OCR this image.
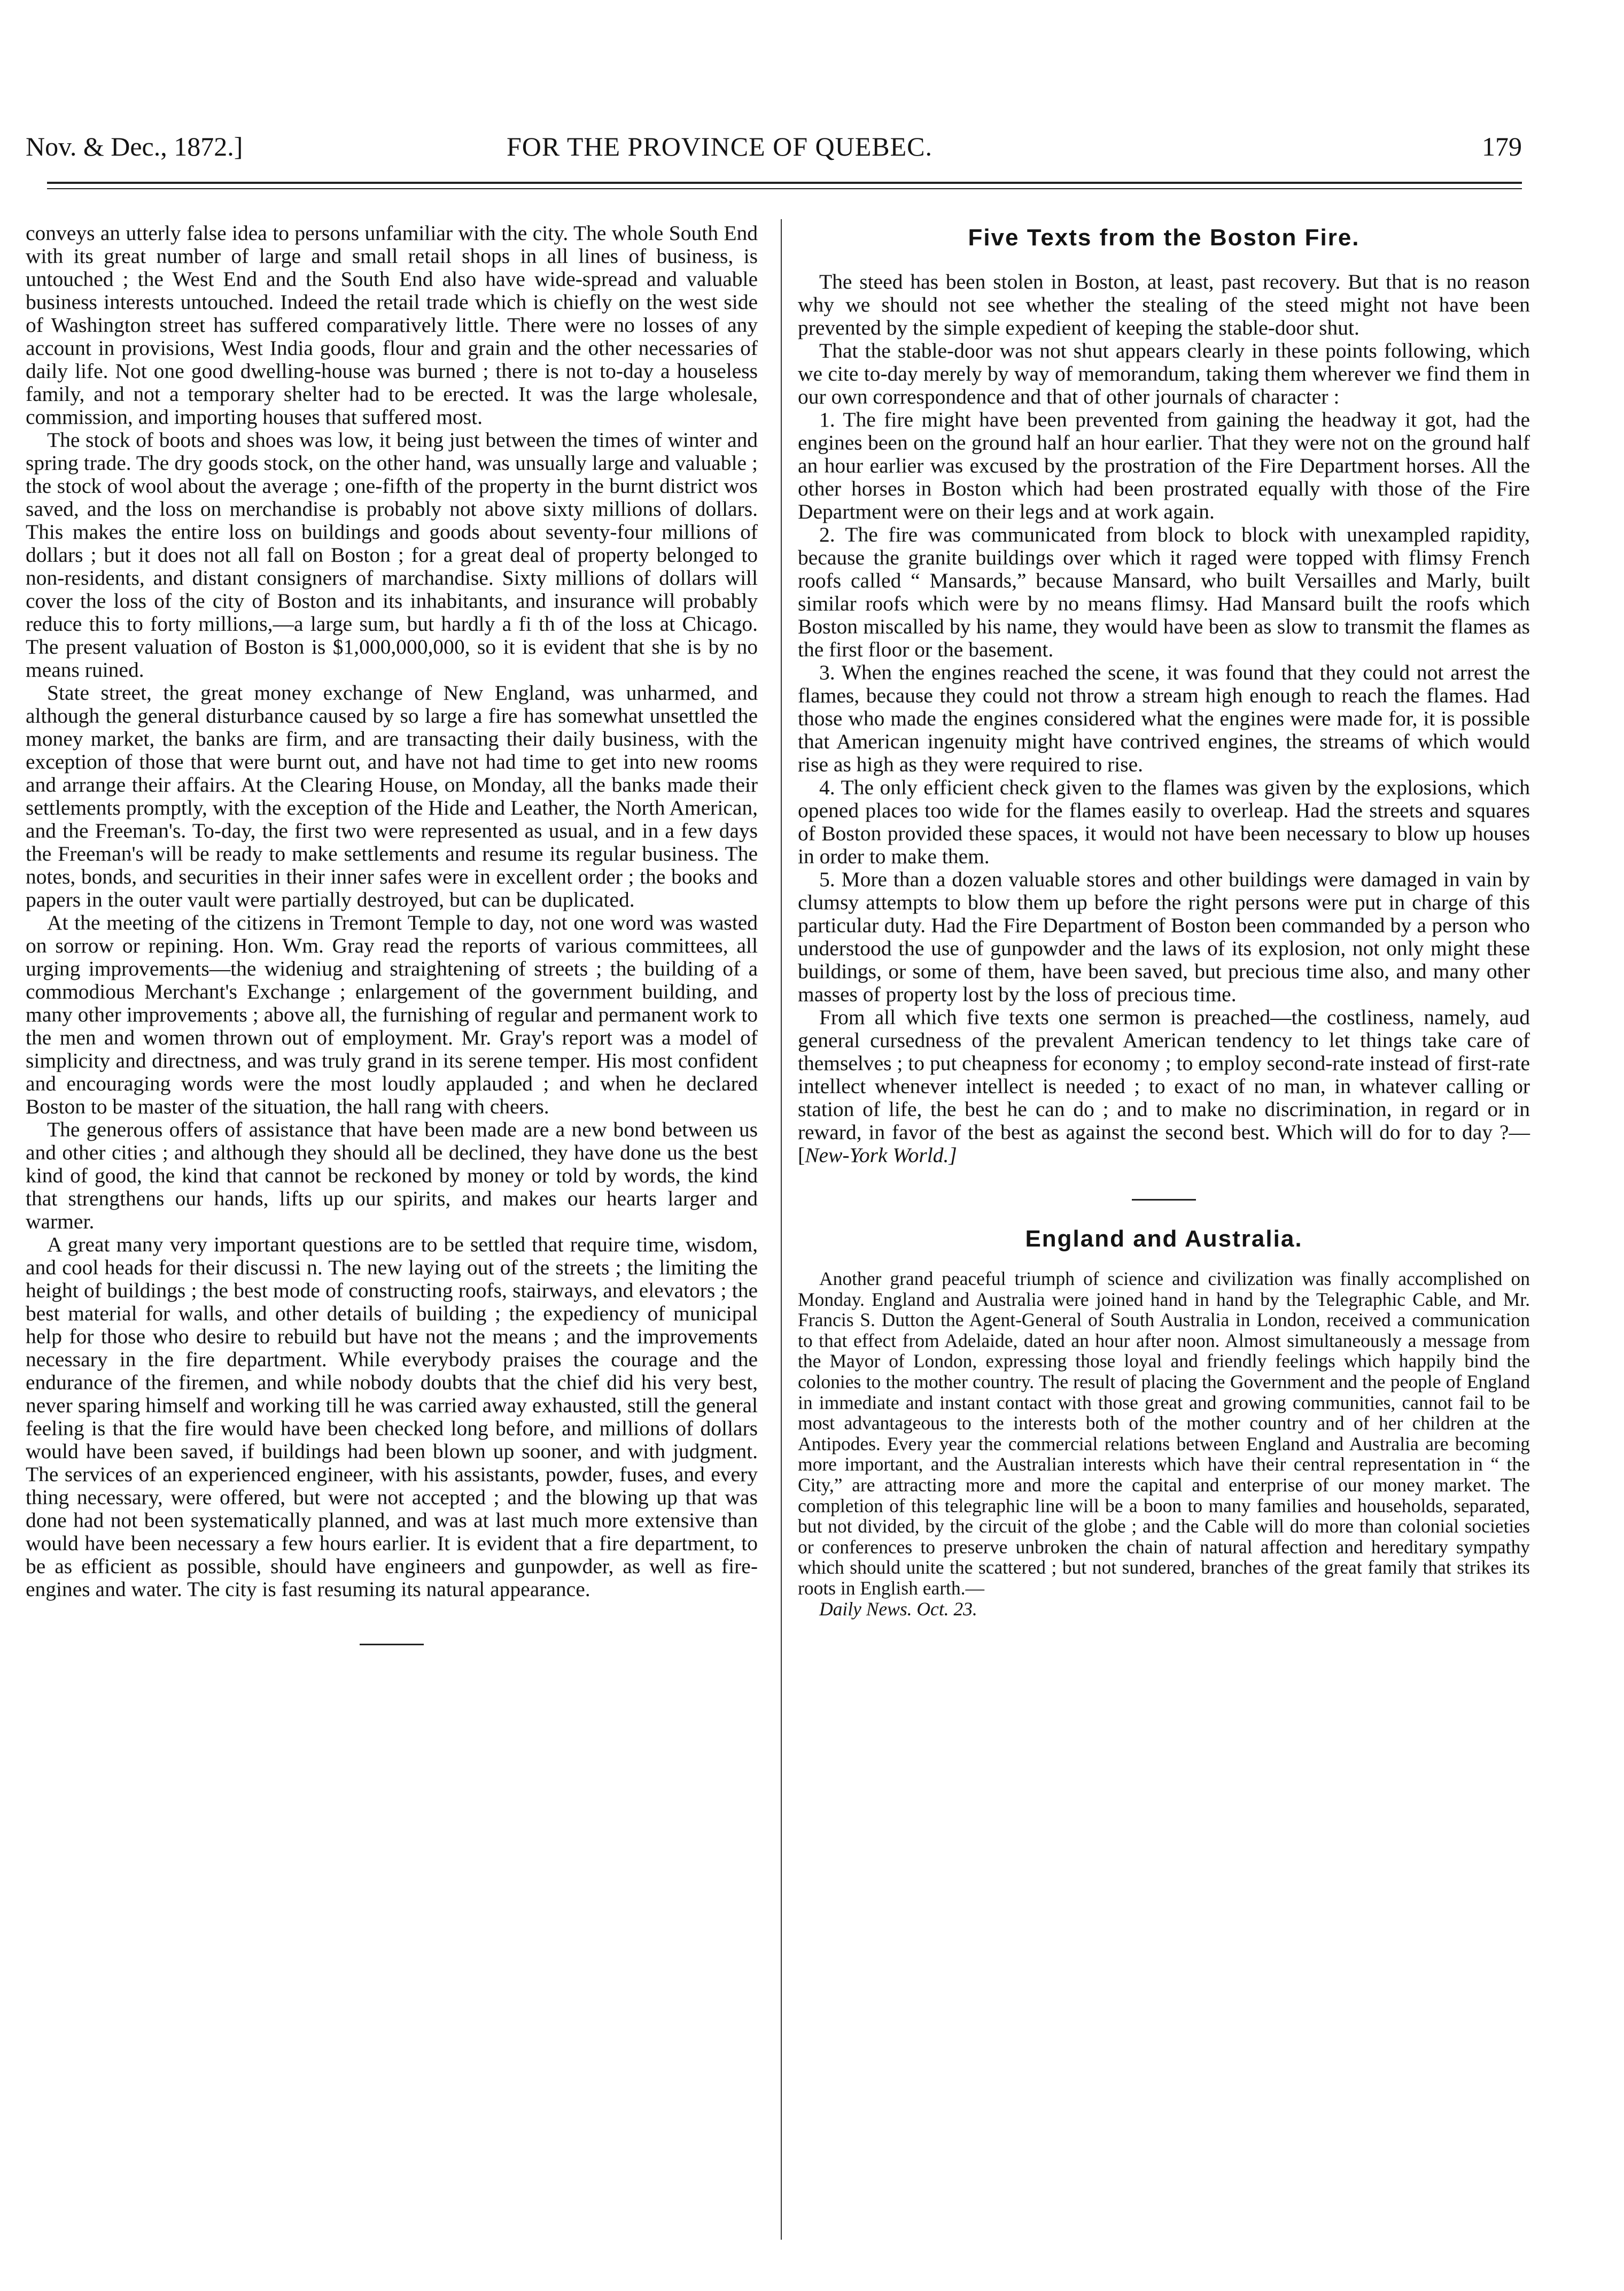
Nov. & Dec., 1872.]	FOR THE PROVINCE OF QUEBEC.	179

conveys an utterly false idea to persons unfamiliar with the city. The whole South End with its great number of large and small retail shops in all lines of business, is untouched ; the West End and the South End also have wide-spread and valuable business interests untouched. Indeed the retail trade which is chiefly on the west side of Washington street has suffered comparatively little. There were no losses of any account in provisions, West India goods, flour and grain and the other necessaries of daily life. Not one good dwelling-house was burned ; there is not to-day a houseless family, and not a temporary shelter had to be erected. It was the large wholesale, commission, and importing houses that suffered most.

The stock of boots and shoes was low, it being just between the times of winter and spring trade. The dry goods stock, on the other hand, was unsually large and valuable ; the stock of wool about the average ; one-fifth of the property in the burnt district wos saved, and the loss on merchandise is probably not above sixty millions of dollars. This makes the entire loss on buildings and goods about seventy-four millions of dollars ; but it does not all fall on Boston ; for a great deal of property belonged to non-residents, and distant consigners of marchandise. Sixty millions of dollars will cover the loss of the city of Boston and its inhabitants, and insurance will probably reduce this to forty millions,—a large sum, but hardly a fi th of the loss at Chicago. The present valuation of Boston is $1,000,000,000, so it is evident that she is by no means ruined.

State street, the great money exchange of New England, was unharmed, and although the general disturbance caused by so large a fire has somewhat unsettled the money market, the banks are firm, and are transacting their daily business, with the exception of those that were burnt out, and have not had time to get into new rooms and arrange their affairs. At the Clearing House, on Monday, all the banks made their settlements promptly, with the exception of the Hide and Leather, the North American, and the Freeman's. To-day, the first two were represented as usual, and in a few days the Freeman's will be ready to make settlements and resume its regular business. The notes, bonds, and securities in their inner safes were in excellent order ; the books and papers in the outer vault were partially destroyed, but can be duplicated.

At the meeting of the citizens in Tremont Temple to day, not one word was wasted on sorrow or repining. Hon. Wm. Gray read the reports of various committees, all urging improvements—the wideniug and straightening of streets ; the building of a commodious Merchant's Exchange ; enlargement of the government building, and many other improvements ; above all, the furnishing of regular and permanent work to the men and women thrown out of employment. Mr. Gray's report was a model of simplicity and directness, and was truly grand in its serene temper. His most confident and encouraging words were the most loudly applauded ; and when he declared Boston to be master of the situation, the hall rang with cheers.

The generous offers of assistance that have been made are a new bond between us and other cities ; and although they should all be declined, they have done us the best kind of good, the kind that cannot be reckoned by money or told by words, the kind that strengthens our hands, lifts up our spirits, and makes our hearts larger and warmer.

A great many very important questions are to be settled that require time, wisdom, and cool heads for their discussi n. The new laying out of the streets ; the limiting the height of buildings ; the best mode of constructing roofs, stairways, and elevators ; the best material for walls, and other details of building ; the expediency of municipal help for those who desire to rebuild but have not the means ; and the improvements necessary in the fire department. While everybody praises the courage and the endurance of the firemen, and while nobody doubts that the chief did his very best, never sparing himself and working till he was carried away exhausted, still the general feeling is that the fire would have been checked long before, and millions of dollars would have been saved, if buildings had been blown up sooner, and with judgment. The services of an experienced engineer, with his assistants, powder, fuses, and every thing necessary, were offered, but were not accepted ; and the blowing up that was done had not been systematically planned, and was at last much more extensive than would have been necessary a few hours earlier. It is evident that a fire department, to be as efficient as possible, should have engineers and gunpowder, as well as fire-engines and water. The city is fast resuming its natural appearance.

Five Texts from the Boston Fire.

The steed has been stolen in Boston, at least, past recovery. But that is no reason why we should not see whether the stealing of the steed might not have been prevented by the simple expedient of keeping the stable-door shut.

That the stable-door was not shut appears clearly in these points following, which we cite to-day merely by way of memorandum, taking them wherever we find them in our own correspondence and that of other journals of character :

1. The fire might have been prevented from gaining the headway it got, had the engines been on the ground half an hour earlier. That they were not on the ground half an hour earlier was excused by the prostration of the Fire Department horses. All the other horses in Boston which had been prostrated equally with those of the Fire Department were on their legs and at work again.

2. The fire was communicated from block to block with unexampled rapidity, because the granite buildings over which it raged were topped with flimsy French roofs called “ Mansards,” because Mansard, who built Versailles and Marly, built similar roofs which were by no means flimsy. Had Mansard built the roofs which Boston miscalled by his name, they would have been as slow to transmit the flames as the first floor or the basement.

3. When the engines reached the scene, it was found that they could not arrest the flames, because they could not throw a stream high enough to reach the flames. Had those who made the engines considered what the engines were made for, it is possible that American ingenuity might have contrived engines, the streams of which would rise as high as they were required to rise.

4. The only efficient check given to the flames was given by the explosions, which opened places too wide for the flames easily to overleap. Had the streets and squares of Boston provided these spaces, it would not have been necessary to blow up houses in order to make them.

5. More than a dozen valuable stores and other buildings were damaged in vain by clumsy attempts to blow them up before the right persons were put in charge of this particular duty. Had the Fire Department of Boston been commanded by a person who understood the use of gunpowder and the laws of its explosion, not only might these buildings, or some of them, have been saved, but precious time also, and many other masses of property lost by the loss of precious time.

From all which five texts one sermon is preached—the costliness, namely, aud general cursedness of the prevalent American tendency to let things take care of themselves ; to put cheapness for economy ; to employ second-rate instead of first-rate intellect whenever intellect is needed ; to exact of no man, in whatever calling or station of life, the best he can do ; and to make no discrimination, in regard or in reward, in favor of the best as against the second best. Which will do for to day ?—[New-York World.]

England and Australia.

Another grand peaceful triumph of science and civilization was finally accomplished on Monday. England and Australia were joined hand in hand by the Telegraphic Cable, and Mr. Francis S. Dutton the Agent-General of South Australia in London, received a communication to that effect from Adelaide, dated an hour after noon. Almost simultaneously a message from the Mayor of London, expressing those loyal and friendly feelings which happily bind the colonies to the mother country. The result of placing the Government and the people of England in immediate and instant contact with those great and growing communities, cannot fail to be most advantageous to the interests both of the mother country and of her children at the Antipodes. Every year the commercial relations between England and Australia are becoming more important, and the Australian interests which have their central representation in “ the City,” are attracting more and more the capital and enterprise of our money market. The completion of this telegraphic line will be a boon to many families and households, separated, but not divided, by the circuit of the globe ; and the Cable will do more than colonial societies or conferences to preserve unbroken the chain of natural affection and hereditary sympathy which should unite the scattered ; but not sundered, branches of the great family that strikes its roots in English earth.—

Daily News. Oct. 23.
